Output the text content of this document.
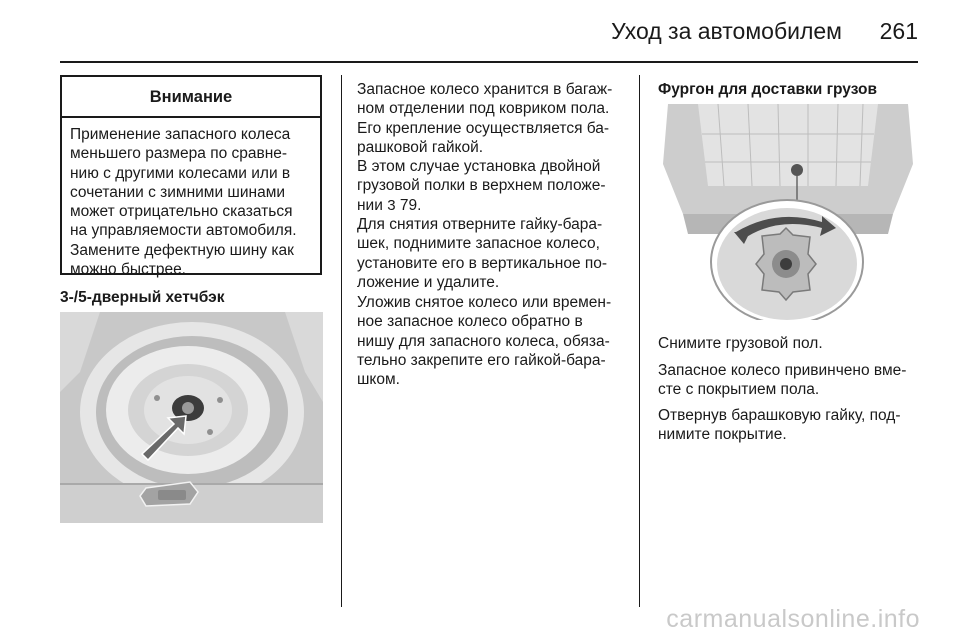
Уход за автомобилем 261
Внимание
Применение запасного колеса
меньшего размера по сравне-
нию с другими колесами или в
сочетании с зимними шинами
может отрицательно сказаться
на управляемости автомобиля.
Замените дефектную шину как
можно быстрее.
3-/5-дверный хетчбэк
Запасное колесо хранится в багаж-
ном отделении под ковриком пола.
Его крепление осуществляется ба-
рашковой гайкой.
В этом случае установка двойной
грузовой полки в верхнем положе-
нии 3 79.
Для снятия отверните гайку-бара-
шек, поднимите запасное колесо,
установите его в вертикальное по-
ложение и удалите.
Уложив снятое колесо или времен-
ное запасное колесо обратно в
нишу для запасного колеса, обяза-
тельно закрепите его гайкой-бара-
шком.
Фургон для доставки грузов
Снимите грузовой пол.
Запасное колесо привинчено вме-
сте с покрытием пола.
Отвернув барашковую гайку, под-
нимите покрытие.
carmanualsonline.info
